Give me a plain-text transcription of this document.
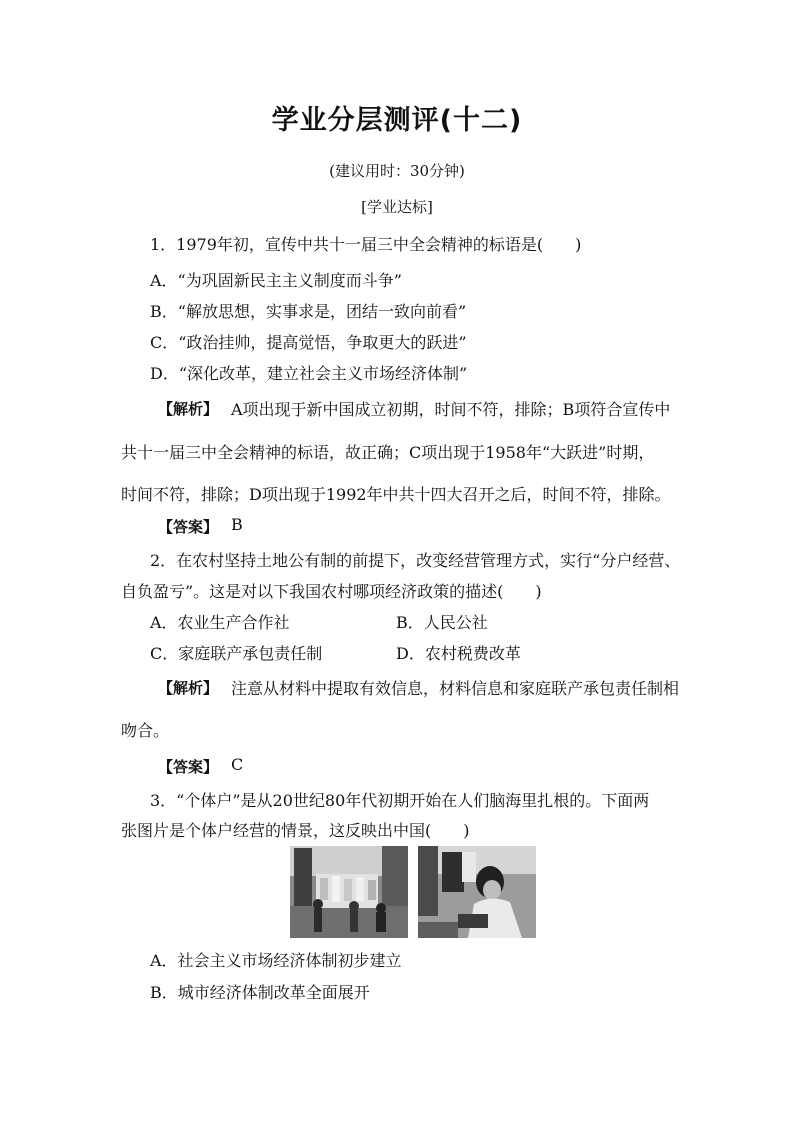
学业分层测评(十二)
(建议用时：30分钟)
[学业达标]
1．1979年初，宣传中共十一届三中全会精神的标语是(　　)
A．“为巩固新民主主义制度而斗争”
B．“解放思想，实事求是，团结一致向前看”
C．“政治挂帅，提高觉悟，争取更大的跃进”
D．“深化改革，建立社会主义市场经济体制”
【解析】 A项出现于新中国成立初期，时间不符，排除；B项符合宣传中
共十一届三中全会精神的标语，故正确；C项出现于1958年“大跃进”时期，
时间不符，排除；D项出现于1992年中共十四大召开之后，时间不符，排除。
【答案】 B
2．在农村坚持土地公有制的前提下，改变经营管理方式，实行“分户经营、
自负盈亏”。这是对以下我国农村哪项经济政策的描述(　　)
A．农业生产合作社	B．人民公社
C．家庭联产承包责任制	D．农村税费改革
【解析】 注意从材料中提取有效信息，材料信息和家庭联产承包责任制相
吻合。
【答案】 C
3．“个体户”是从20世纪80年代初期开始在人们脑海里扎根的。下面两
张图片是个体户经营的情景，这反映出中国(　　)
A．社会主义市场经济体制初步建立
B．城市经济体制改革全面展开
